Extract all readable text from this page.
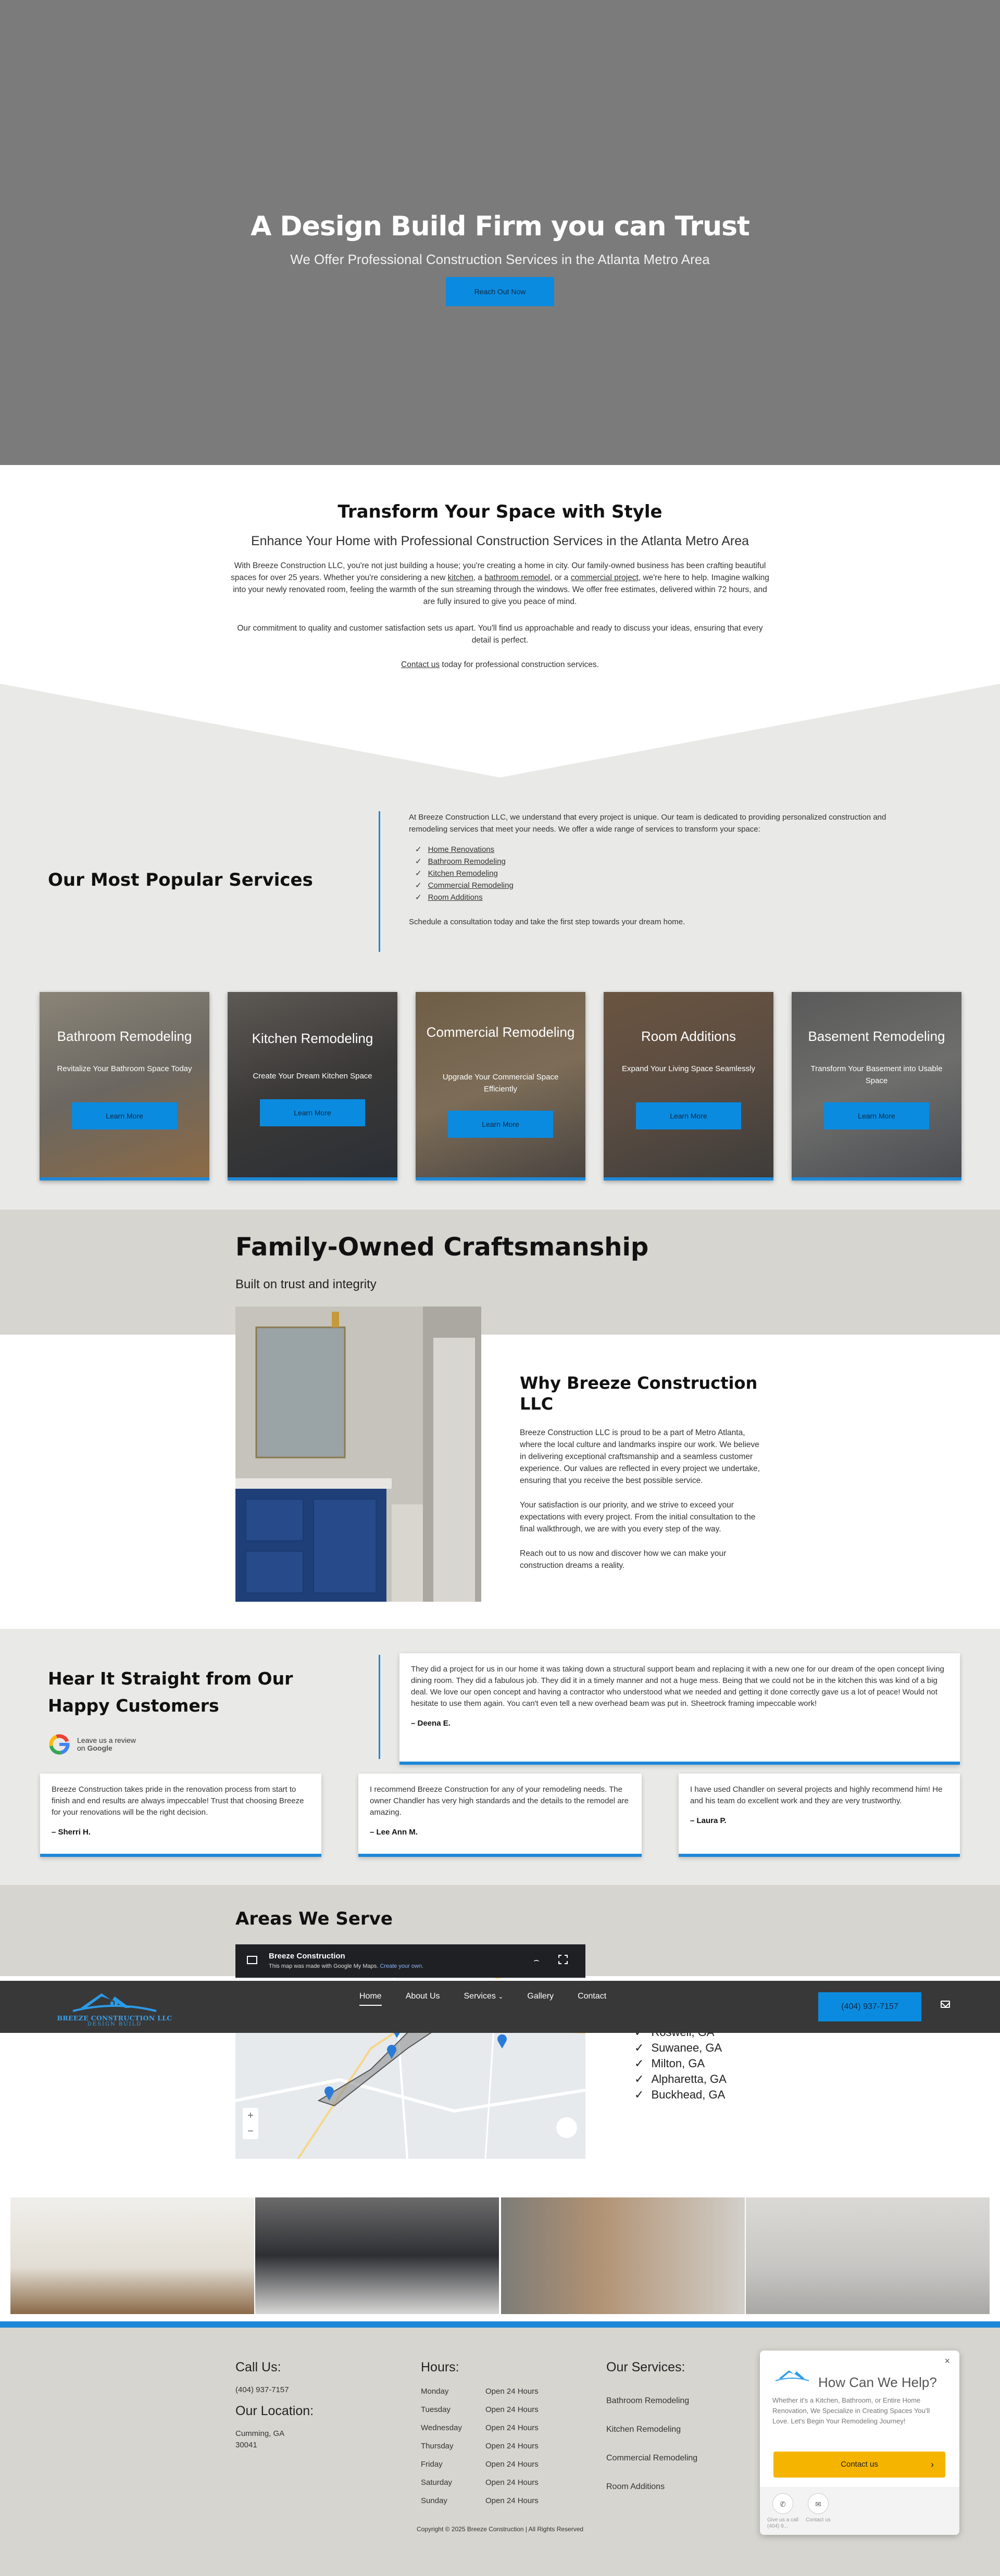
A Design Build Firm you can Trust

We Offer Professional Construction Services in the Atlanta Metro Area

Reach Out Now
Transform Your Space with Style
Enhance Your Home with Professional Construction Services in the Atlanta Metro Area

With Breeze Construction LLC, you're not just building a house; you're creating a home in city. Our family-owned business has been crafting beautiful spaces for over 25 years. Whether you're considering a new kitchen, a bathroom remodel, or a commercial project, we're here to help. Imagine walking into your newly renovated room, feeling the warmth of the sun streaming through the windows. We offer free estimates, delivered within 72 hours, and are fully insured to give you peace of mind.

Our commitment to quality and customer satisfaction sets us apart. You'll find us approachable and ready to discuss your ideas, ensuring that every detail is perfect.

Contact us today for professional construction services.

Our Most Popular Services

At Breeze Construction LLC, we understand that every project is unique. Our team is dedicated to providing personalized construction and remodeling services that meet your needs. We offer a wide range of services to transform your space:

✓ Home Renovations
✓ Bathroom Remodeling
✓ Kitchen Remodeling
✓ Commercial Remodeling
✓ Room Additions

Schedule a consultation today and take the first step towards your dream home.

Bathroom Remodeling
Revitalize Your Bathroom Space Today
Learn More
Kitchen Remodeling
Create Your Dream Kitchen Space
Learn More
Commercial Remodeling
Upgrade Your Commercial Space Efficiently
Learn More
Room Additions
Expand Your Living Space Seamlessly
Learn More
Basement Remodeling
Transform Your Basement into Usable Space
Learn More
Family-Owned Craftsmanship

Built on trust and integrity

Why Breeze Construction LLC

Breeze Construction LLC is proud to be a part of Metro Atlanta, where the local culture and landmarks inspire our work. We believe in delivering exceptional craftsmanship and a seamless customer experience. Our values are reflected in every project we undertake, ensuring that you receive the best possible service.

Your satisfaction is our priority, and we strive to exceed your expectations with every project. From the initial consultation to the final walkthrough, we are with you every step of the way.

Reach out to us now and discover how we can make your construction dreams a reality.

Hear It Straight from Our Happy Customers
Leave us a review
on Google
They did a project for us in our home it was taking down a structural support beam and replacing it with a new one for our dream of the open concept living dining room. They did a fabulous job. They did it in a timely manner and not a huge mess. Being that we could not be in the kitchen this was kind of a big deal. We love our open concept and having a contractor who understood what we needed and getting it done correctly gave us a lot of peace! Would not hesitate to use them again. You can't even tell a new overhead beam was put in. Sheetrock framing impeccable work!
– Deena E.
Breeze Construction takes pride in the renovation process from start to finish and end results are always impeccable! Trust that choosing Breeze for your renovations will be the right decision.
– Sherri H.
I recommend Breeze Construction for any of your remodeling needs. The owner Chandler has very high standards and the details to the remodel are amazing.
– Lee Ann M.
I have used Chandler on several projects and highly recommend him! He and his team do excellent work and they are very trustworthy.
– Laura P.
Areas We Serve
Breeze Construction
This map was made with Google My Maps. Create your own.
⌢
+
−
✓
✓ Suwanee, GA
✓ Milton, GA
✓ Alpharetta, GA
✓ Buckhead, GA
BREEZE CONSTRUCTION LLC
DESIGN BUILD
Home	About Us	Services ⌄	Gallery	Contact
(404) 937-7157
Call Us:
(404) 937-7157
Our Location:
Cumming, GA
30041
Hours:
Monday	Open 24 Hours
Tuesday	Open 24 Hours
Wednesday	Open 24 Hours
Thursday	Open 24 Hours
Friday	Open 24 Hours
Saturday	Open 24 Hours
Sunday	Open 24 Hours
Our Services:
Bathroom Remodeling
Kitchen Remodeling
Commercial Remodeling
Room Additions
Copyright © 2025 Breeze Construction | All Rights Reserved
×
How Can We Help?
Whether it's a Kitchen, Bathroom, or Entire Home Renovation, We Specialize in Creating Spaces You'll Love. Let's Begin Your Remodeling Journey!
Contact us	›
✆	✉
Give us a call
(404) 9...
Contact us
